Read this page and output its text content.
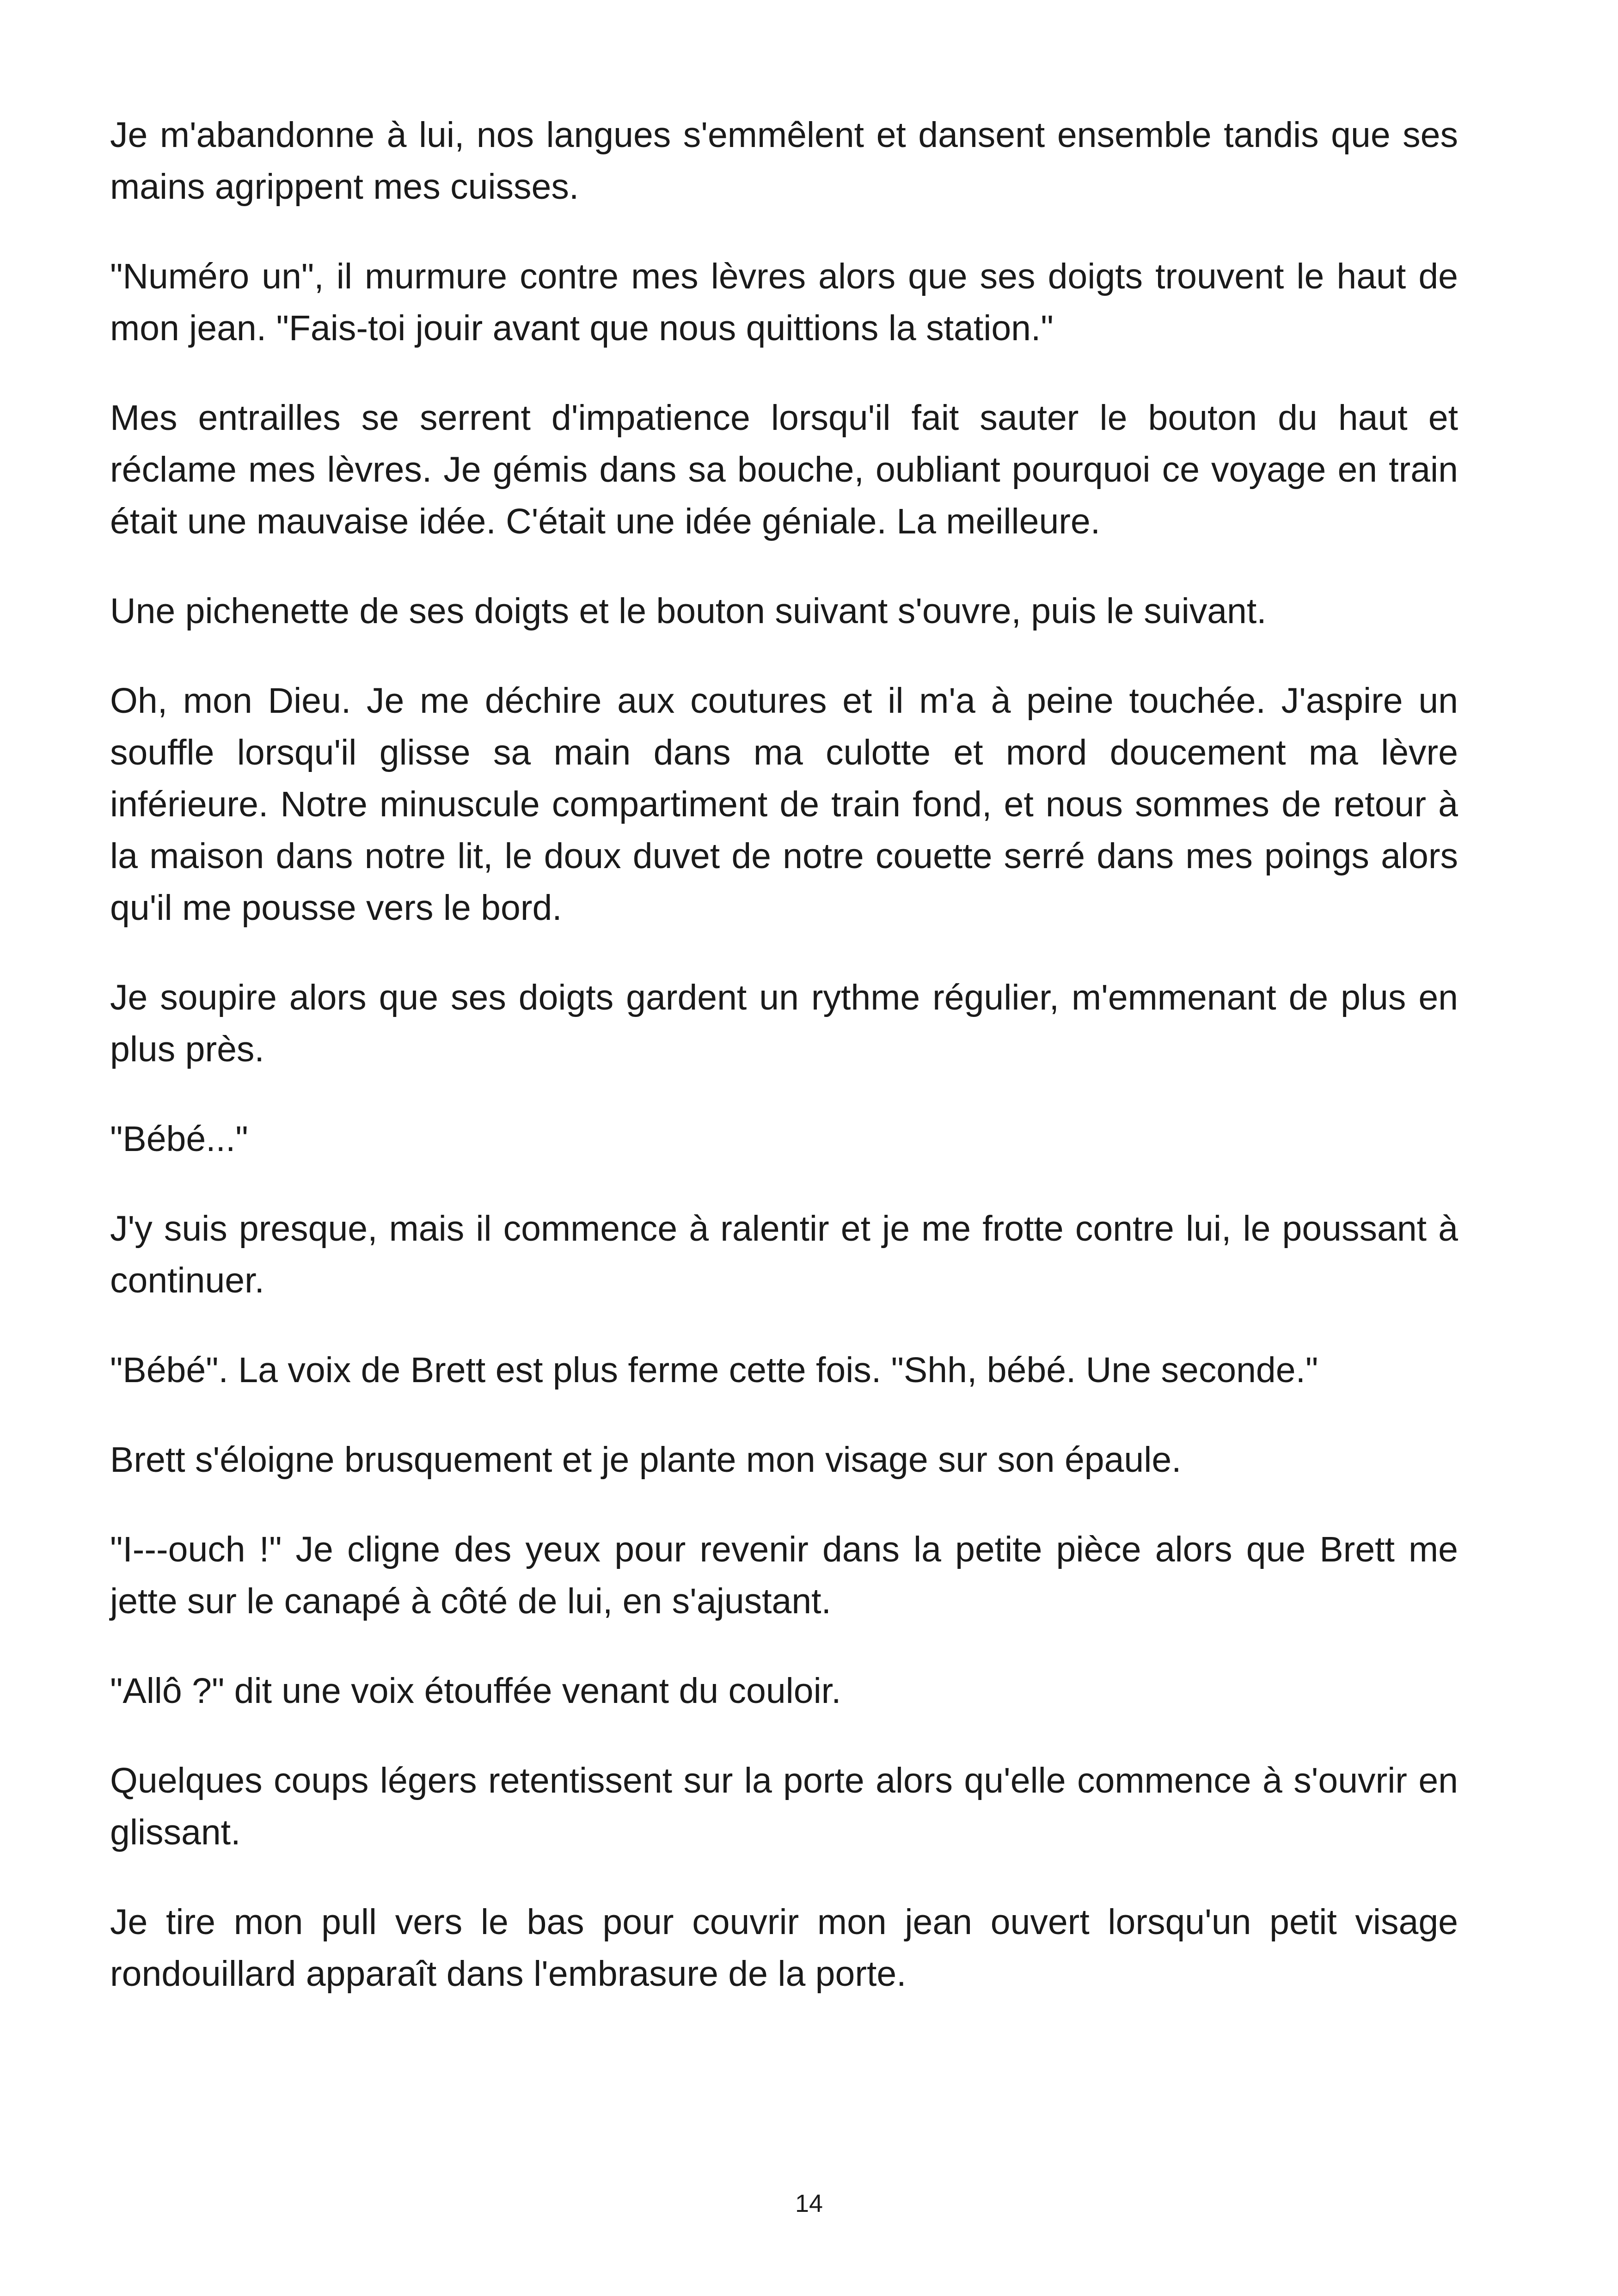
Je m'abandonne à lui, nos langues s'emmêlent et dansent ensemble tandis que ses mains agrippent mes cuisses.

"Numéro un", il murmure contre mes lèvres alors que ses doigts trouvent le haut de mon jean. "Fais-toi jouir avant que nous quittions la station."

Mes entrailles se serrent d'impatience lorsqu'il fait sauter le bouton du haut et réclame mes lèvres. Je gémis dans sa bouche, oubliant pourquoi ce voyage en train était une mauvaise idée. C'était une idée géniale. La meilleure.

Une pichenette de ses doigts et le bouton suivant s'ouvre, puis le suivant.

Oh, mon Dieu. Je me déchire aux coutures et il m'a à peine touchée. J'aspire un souffle lorsqu'il glisse sa main dans ma culotte et mord doucement ma lèvre inférieure. Notre minuscule compartiment de train fond, et nous sommes de retour à la maison dans notre lit, le doux duvet de notre couette serré dans mes poings alors qu'il me pousse vers le bord.

Je soupire alors que ses doigts gardent un rythme régulier, m'emmenant de plus en plus près.

"Bébé..."

J'y suis presque, mais il commence à ralentir et je me frotte contre lui, le poussant à continuer.

"Bébé". La voix de Brett est plus ferme cette fois. "Shh, bébé. Une seconde."

Brett s'éloigne brusquement et je plante mon visage sur son épaule.

"I---ouch !" Je cligne des yeux pour revenir dans la petite pièce alors que Brett me jette sur le canapé à côté de lui, en s'ajustant.

"Allô ?" dit une voix étouffée venant du couloir.

Quelques coups légers retentissent sur la porte alors qu'elle commence à s'ouvrir en glissant.

Je tire mon pull vers le bas pour couvrir mon jean ouvert lorsqu'un petit visage rondouillard apparaît dans l'embrasure de la porte.

14
